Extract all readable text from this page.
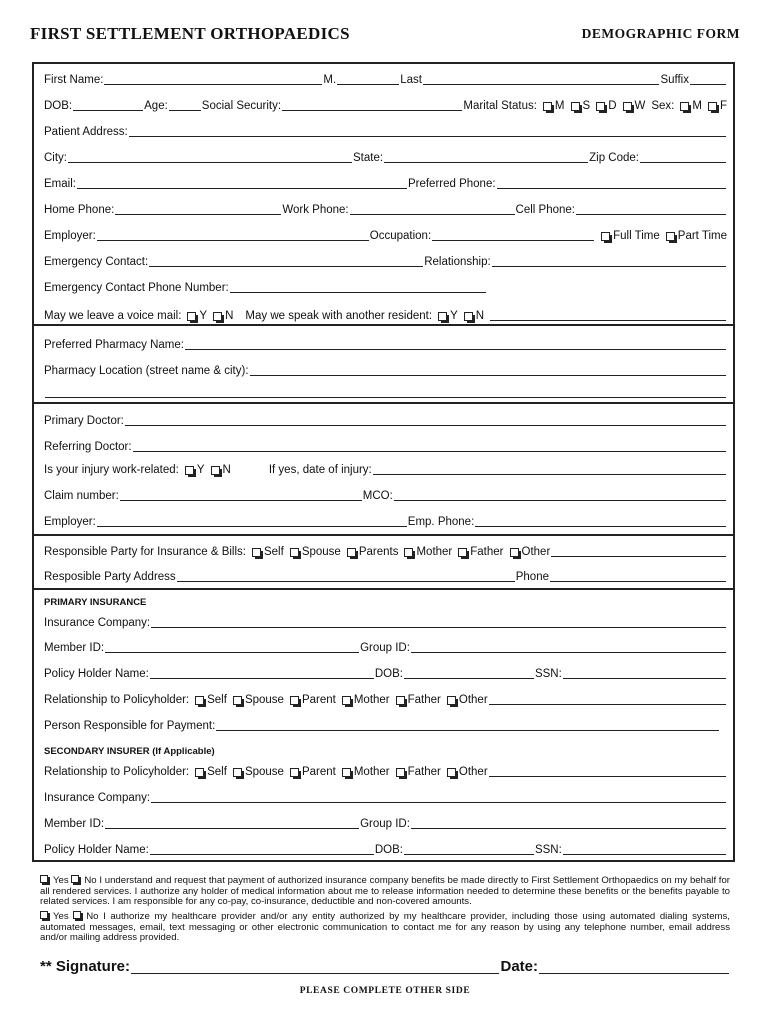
FIRST SETTLEMENT ORTHOPAEDICS	DEMOGRAPHIC FORM
First Name:	M.	Last	Suffix
DOB:	Age:	Social Security:	Marital Status: M S D W Sex: M F
Patient Address:
City:	State:	Zip Code:
Email:	Preferred Phone:
Home Phone:	Work Phone:	Cell Phone:
Employer:	Occupation:	Full Time Part Time
Emergency Contact:	Relationship:
Emergency Contact Phone Number:
May we leave a voice mail: Y N May we speak with another resident: Y N
Preferred Pharmacy Name:
Pharmacy Location (street name & city):
Primary Doctor:
Referring Doctor:
Is your injury work-related: Y N	If yes, date of injury:
Claim number:	MCO:
Employer:	Emp. Phone:
Responsible Party for Insurance & Bills: Self Spouse Parents Mother Father Other
Resposible Party Address	Phone
PRIMARY INSURANCE
Insurance Company:
Member ID:	Group ID:
Policy Holder Name:	DOB:	SSN:
Relationship to Policyholder: Self Spouse Parent Mother Father Other
Person Responsible for Payment:
SECONDARY INSURER (If Applicable)
Relationship to Policyholder: Self Spouse Parent Mother Father Other
Insurance Company:
Member ID:	Group ID:
Policy Holder Name:	DOB:	SSN:
Yes No I understand and request that payment of authorized insurance company benefits be made directly to First Settlement Orthopaedics on my behalf for all rendered services. I authorize any holder of medical information about me to release information needed to determine these benefits or the benefits payable to related services. I am responsible for any co-pay, co-insurance, deductible and non-covered amounts.
Yes No I authorize my healthcare provider and/or any entity authorized by my healthcare provider, including those using automated dialing systems, automated messages, email, text messaging or other electronic communication to contact me for any reason by using any telephone number, email address and/or mailing address provided.
** Signature:	Date:
PLEASE COMPLETE OTHER SIDE
